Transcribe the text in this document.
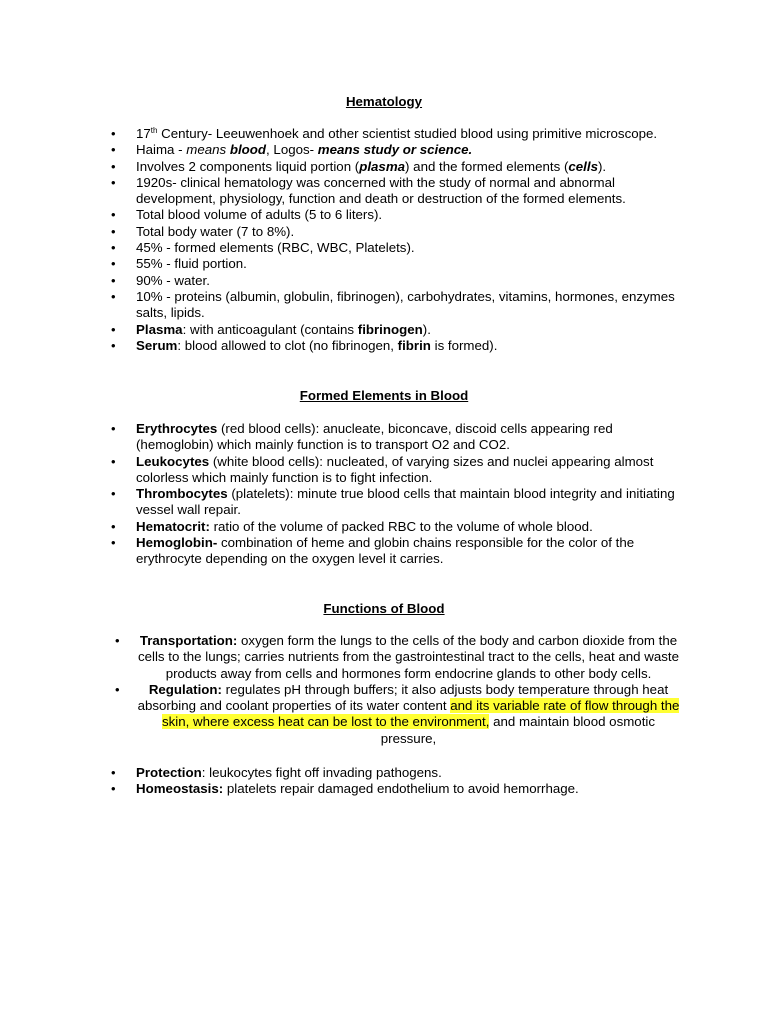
Hematology
• 17th Century- Leeuwenhoek and other scientist studied blood using primitive microscope.
• Haima - means blood, Logos- means study or science.
• Involves 2 components liquid portion (plasma) and the formed elements (cells).
• 1920s- clinical hematology was concerned with the study of normal and abnormal development, physiology, function and death or destruction of the formed elements.
• Total blood volume of adults (5 to 6 liters).
• Total body water (7 to 8%).
• 45% - formed elements (RBC, WBC, Platelets).
• 55% - fluid portion.
• 90% - water.
• 10% - proteins (albumin, globulin, fibrinogen), carbohydrates, vitamins, hormones, enzymes salts, lipids.
• Plasma: with anticoagulant (contains fibrinogen).
• Serum: blood allowed to clot (no fibrinogen, fibrin is formed).
Formed Elements in Blood
• Erythrocytes (red blood cells): anucleate, biconcave, discoid cells appearing red (hemoglobin) which mainly function is to transport O2 and CO2.
• Leukocytes (white blood cells): nucleated, of varying sizes and nuclei appearing almost colorless which mainly function is to fight infection.
• Thrombocytes (platelets): minute true blood cells that maintain blood integrity and initiating vessel wall repair.
• Hematocrit: ratio of the volume of packed RBC to the volume of whole blood.
• Hemoglobin- combination of heme and globin chains responsible for the color of the erythrocyte depending on the oxygen level it carries.
Functions of Blood
• Transportation: oxygen form the lungs to the cells of the body and carbon dioxide from the cells to the lungs; carries nutrients from the gastrointestinal tract to the cells, heat and waste products away from cells and hormones form endocrine glands to other body cells.
• Regulation: regulates pH through buffers; it also adjusts body temperature through heat absorbing and coolant properties of its water content and its variable rate of flow through the skin, where excess heat can be lost to the environment, and maintain blood osmotic pressure,
• Protection: leukocytes fight off invading pathogens.
• Homeostasis: platelets repair damaged endothelium to avoid hemorrhage.
